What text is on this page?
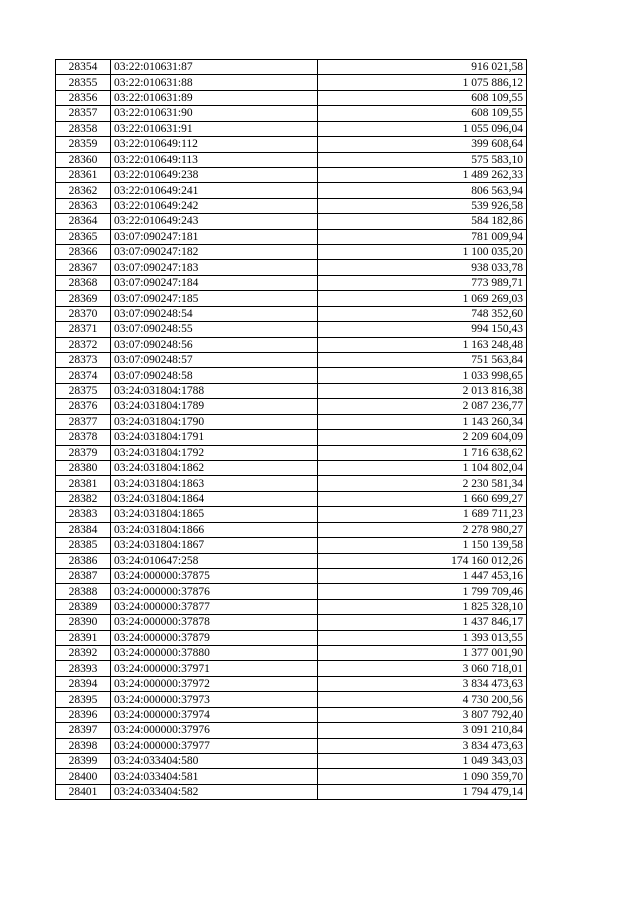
28354	03:22:010631:87	916 021,58
28355	03:22:010631:88	1 075 886,12
28356	03:22:010631:89	608 109,55
28357	03:22:010631:90	608 109,55
28358	03:22:010631:91	1 055 096,04
28359	03:22:010649:112	399 608,64
28360	03:22:010649:113	575 583,10
28361	03:22:010649:238	1 489 262,33
28362	03:22:010649:241	806 563,94
28363	03:22:010649:242	539 926,58
28364	03:22:010649:243	584 182,86
28365	03:07:090247:181	781 009,94
28366	03:07:090247:182	1 100 035,20
28367	03:07:090247:183	938 033,78
28368	03:07:090247:184	773 989,71
28369	03:07:090247:185	1 069 269,03
28370	03:07:090248:54	748 352,60
28371	03:07:090248:55	994 150,43
28372	03:07:090248:56	1 163 248,48
28373	03:07:090248:57	751 563,84
28374	03:07:090248:58	1 033 998,65
28375	03:24:031804:1788	2 013 816,38
28376	03:24:031804:1789	2 087 236,77
28377	03:24:031804:1790	1 143 260,34
28378	03:24:031804:1791	2 209 604,09
28379	03:24:031804:1792	1 716 638,62
28380	03:24:031804:1862	1 104 802,04
28381	03:24:031804:1863	2 230 581,34
28382	03:24:031804:1864	1 660 699,27
28383	03:24:031804:1865	1 689 711,23
28384	03:24:031804:1866	2 278 980,27
28385	03:24:031804:1867	1 150 139,58
28386	03:24:010647:258	174 160 012,26
28387	03:24:000000:37875	1 447 453,16
28388	03:24:000000:37876	1 799 709,46
28389	03:24:000000:37877	1 825 328,10
28390	03:24:000000:37878	1 437 846,17
28391	03:24:000000:37879	1 393 013,55
28392	03:24:000000:37880	1 377 001,90
28393	03:24:000000:37971	3 060 718,01
28394	03:24:000000:37972	3 834 473,63
28395	03:24:000000:37973	4 730 200,56
28396	03:24:000000:37974	3 807 792,40
28397	03:24:000000:37976	3 091 210,84
28398	03:24:000000:37977	3 834 473,63
28399	03:24:033404:580	1 049 343,03
28400	03:24:033404:581	1 090 359,70
28401	03:24:033404:582	1 794 479,14
